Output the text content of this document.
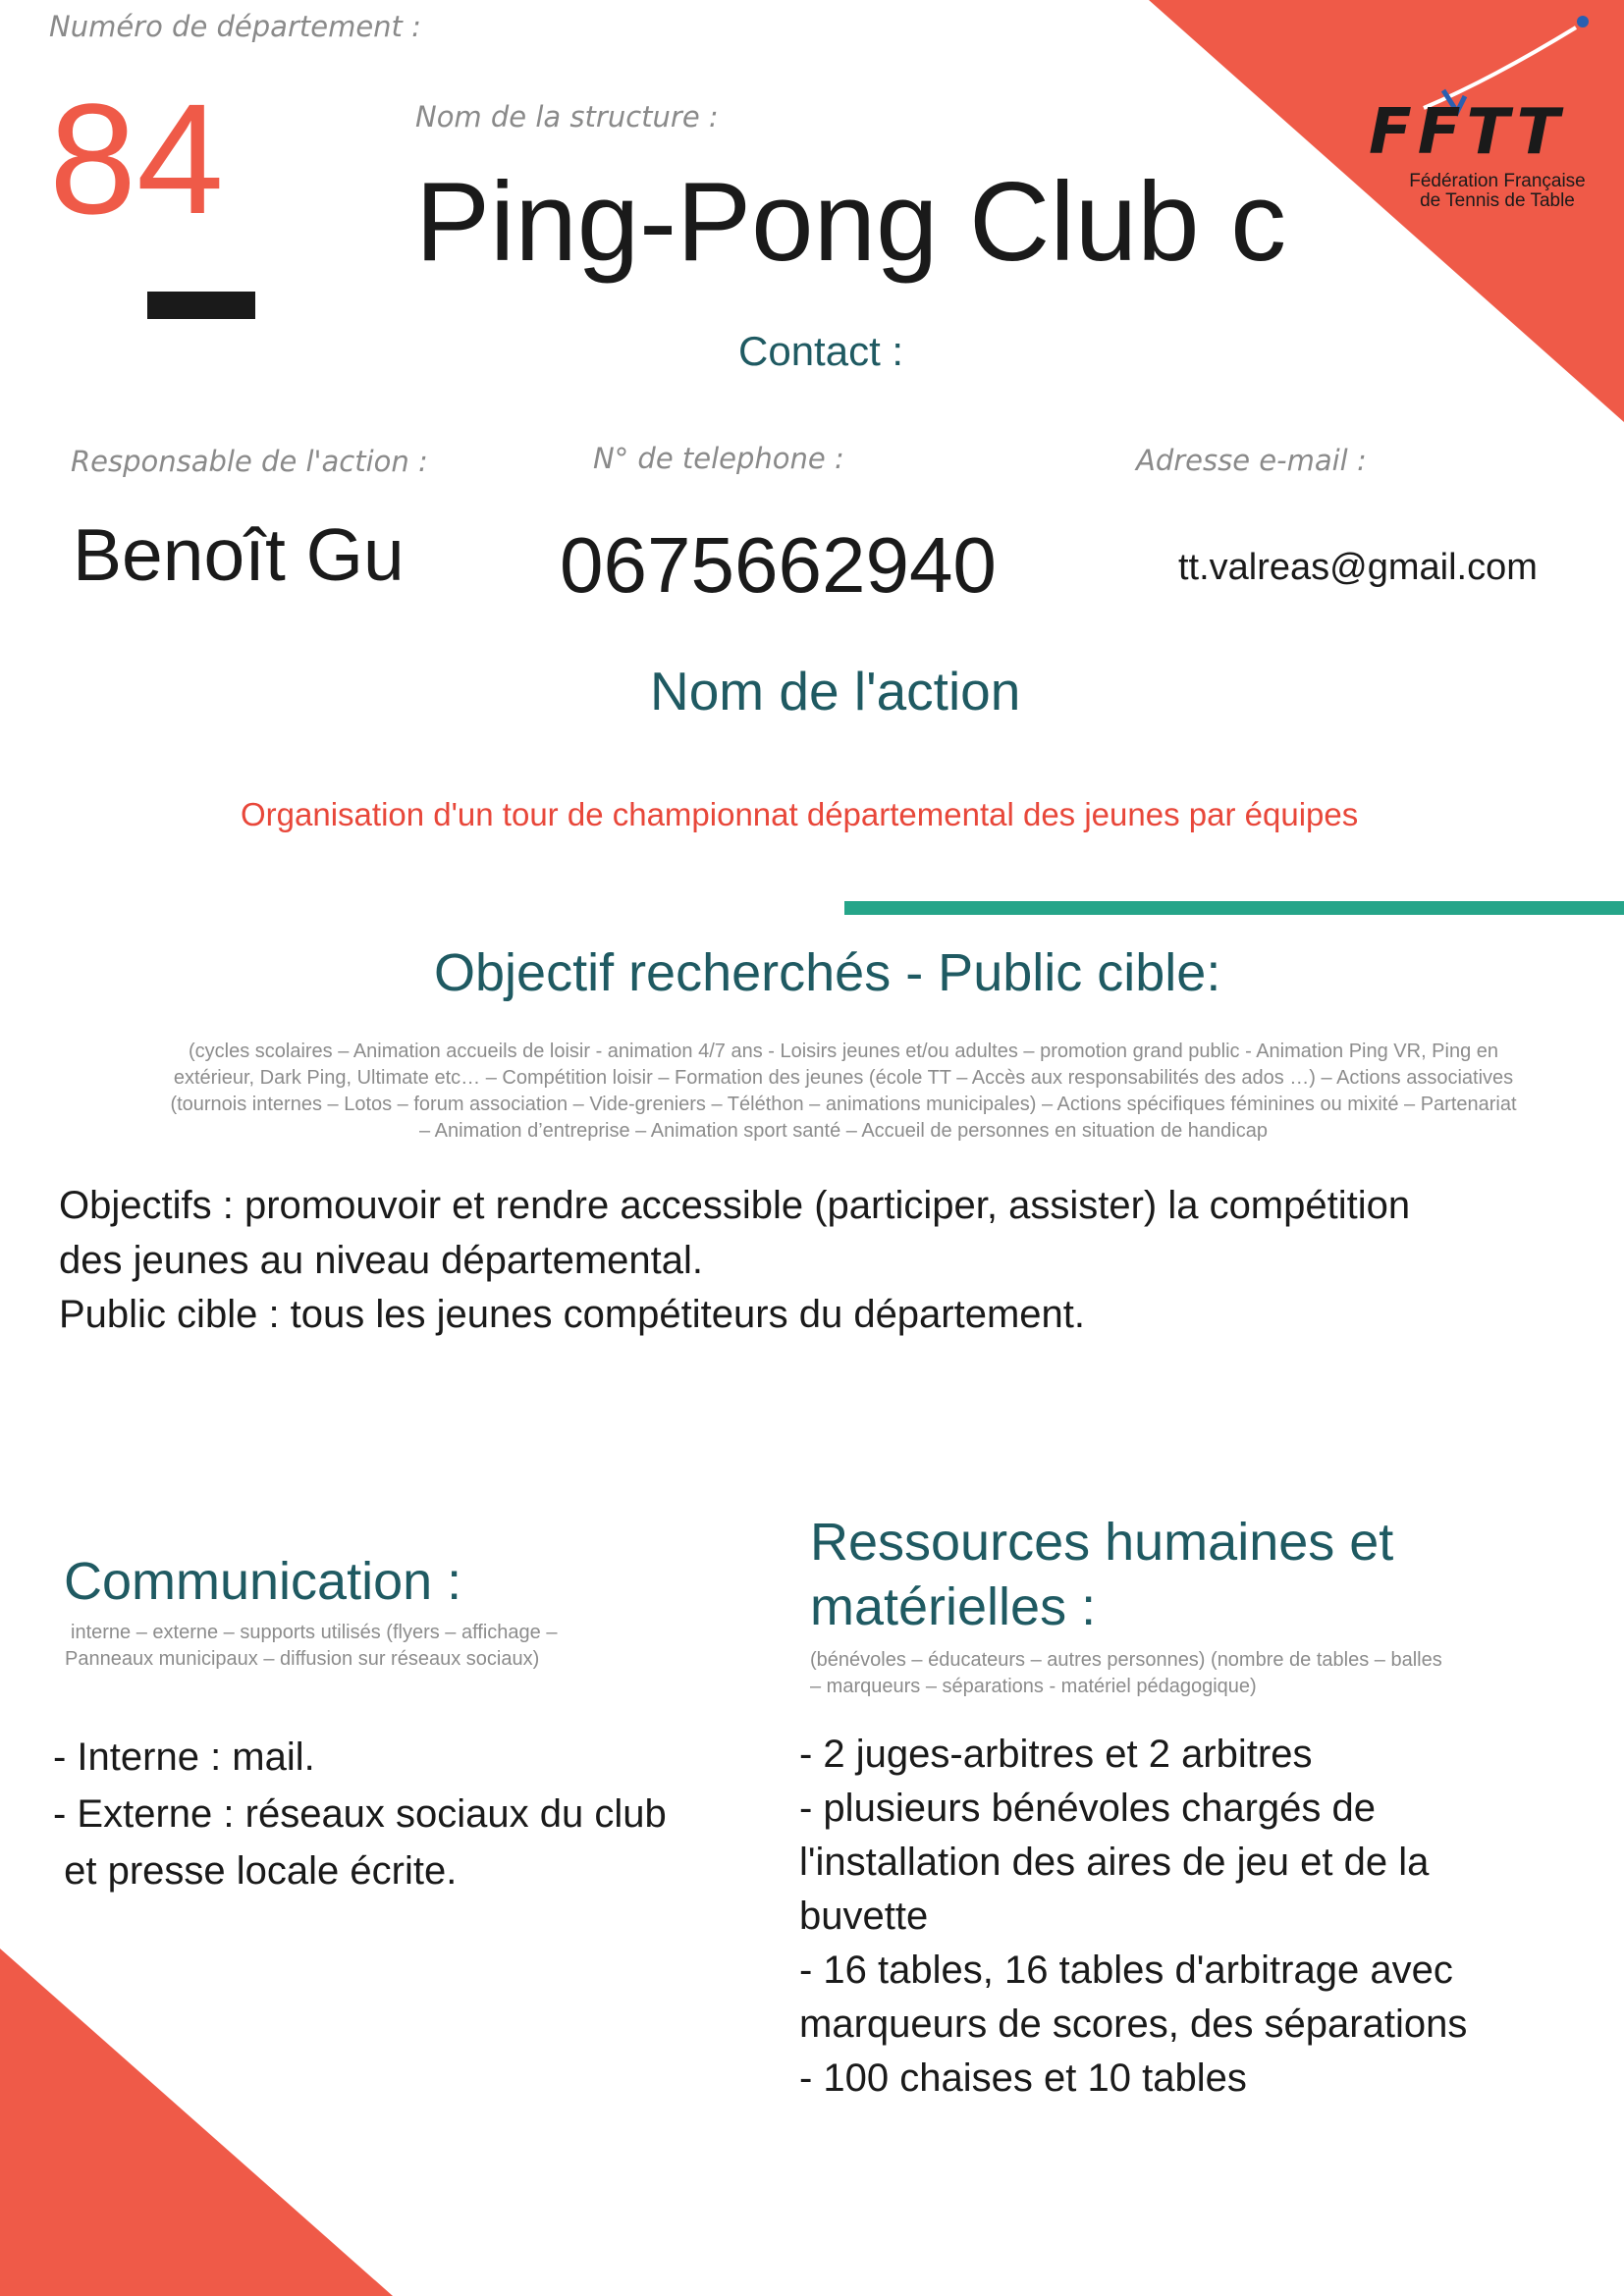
FFTT
Fédération Française
de Tennis de Table
Numéro de département :
84	Nom de la structure :
Ping-Pong Club c
Contact :
Responsable de l'action :
Benoît Gu
N° de telephone :
0675662940
Adresse e-mail :
tt.valreas@gmail.com
Nom de l'action
Organisation d'un tour de championnat départemental des jeunes par équipes
Objectif recherchés - Public cible:
(cycles scolaires – Animation accueils de loisir - animation 4/7 ans - Loisirs jeunes et/ou adultes – promotion grand public - Animation Ping VR, Ping en extérieur, Dark Ping, Ultimate etc… – Compétition loisir – Formation des jeunes (école TT – Accès aux responsabilités des ados …) – Actions associatives (tournois internes – Lotos – forum association – Vide-greniers – Téléthon – animations municipales) – Actions spécifiques féminines ou mixité – Partenariat – Animation d’entreprise – Animation sport santé – Accueil de personnes en situation de handicap
Objectifs : promouvoir et rendre accessible (participer, assister) la compétition
des jeunes au niveau départemental.
Public cible : tous les jeunes compétiteurs du département.
Communication :
interne – externe – supports utilisés (flyers – affichage –
Panneaux municipaux – diffusion sur réseaux sociaux)
- Interne : mail.
- Externe : réseaux sociaux du club
et presse locale écrite.
Ressources humaines et
matérielles :
(bénévoles – éducateurs – autres personnes) (nombre de tables – balles
– marqueurs – séparations - matériel pédagogique)
- 2 juges-arbitres et 2 arbitres
- plusieurs bénévoles chargés de
l'installation des aires de jeu et de la
buvette
- 16 tables, 16 tables d'arbitrage avec
marqueurs de scores, des séparations
- 100 chaises et 10 tables
